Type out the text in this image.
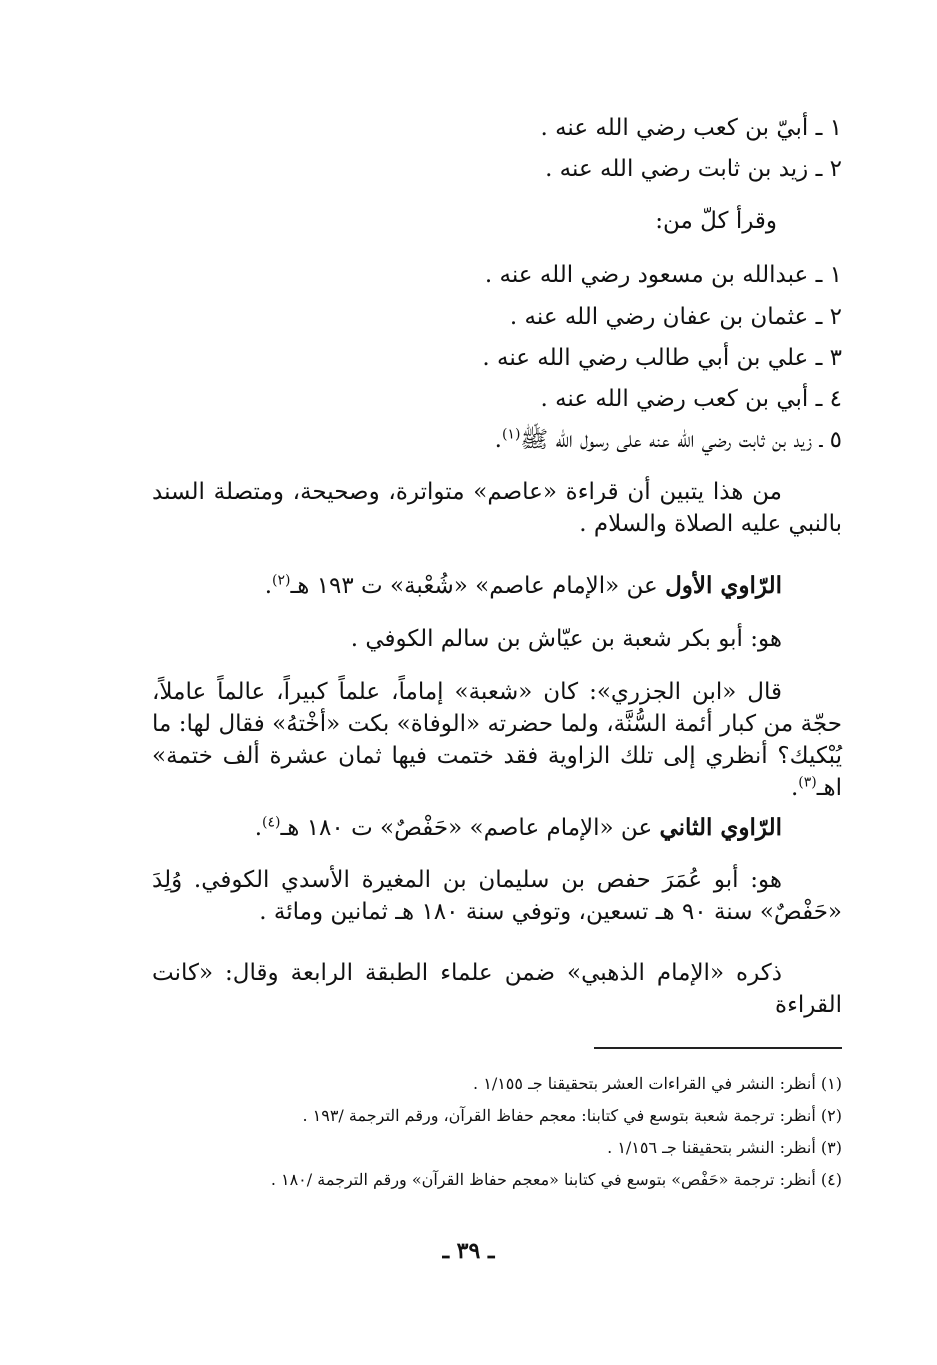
١ ـ أبيّ بن كعب رضي الله عنه .
٢ ـ زيد بن ثابت رضي الله عنه .
وقرأ كلّ من:
١ ـ عبدالله بن مسعود رضي الله عنه .
٢ ـ عثمان بن عفان رضي الله عنه .
٣ ـ علي بن أبي طالب رضي الله عنه .
٤ ـ أبي بن كعب رضي الله عنه .
٥ ـ زيد بن ثابت رضي الله عنه على رسول الله ﷺ$^{(١)}$.

من هذا يتبين أن قراءة «عاصم» متواترة، وصحيحة، ومتصلة السند بالنبي عليه الصلاة والسلام .

الرّاوي الأول عن «الإمام عاصم» «شُعْبة» ت ١٩٣ هـ$^{(٢)}$.
هو: أبو بكر شعبة بن عيّاش بن سالم الكوفي .

قال «ابن الجزري»: كان «شعبة» إماماً، علماً كبيراً، عالماً عاملاً، حجّة من كبار أئمة السُّنَّة، ولما حضرته «الوفاة» بكت «أخْتهُ» فقال لها: ما يُبْكيك؟ أنظري إلى تلك الزاوية فقد ختمت فيها ثمان عشرة ألف ختمة» اهـ$^{(٣)}$.

الرّاوي الثاني عن «الإمام عاصم» «حَفْصٌ» ت ١٨٠ هـ$^{(٤)}$.

هو: أبو عُمَرَ حفص بن سليمان بن المغيرة الأسدي الكوفي. وُلِدَ «حَفْصٌ» سنة ٩٠ هـ تسعين، وتوفي سنة ١٨٠ هـ ثمانين ومائة .

ذكره «الإمام الذهبي» ضمن علماء الطبقة الرابعة وقال: «كانت القراءة

(١) أنظر: النشر في القراءات العشر بتحقيقنا جـ ١/١٥٥ .
(٢) أنظر: ترجمة شعبة بتوسع في كتابنا: معجم حفاظ القرآن، ورقم الترجمة /١٩٣ .
(٣) أنظر: النشر بتحقيقنا جـ ١/١٥٦ .
(٤) أنظر: ترجمة «حَفْص» بتوسع في كتابنا «معجم حفاظ القرآن» ورقم الترجمة /١٨٠ .
ـ ٣٩ ـ
